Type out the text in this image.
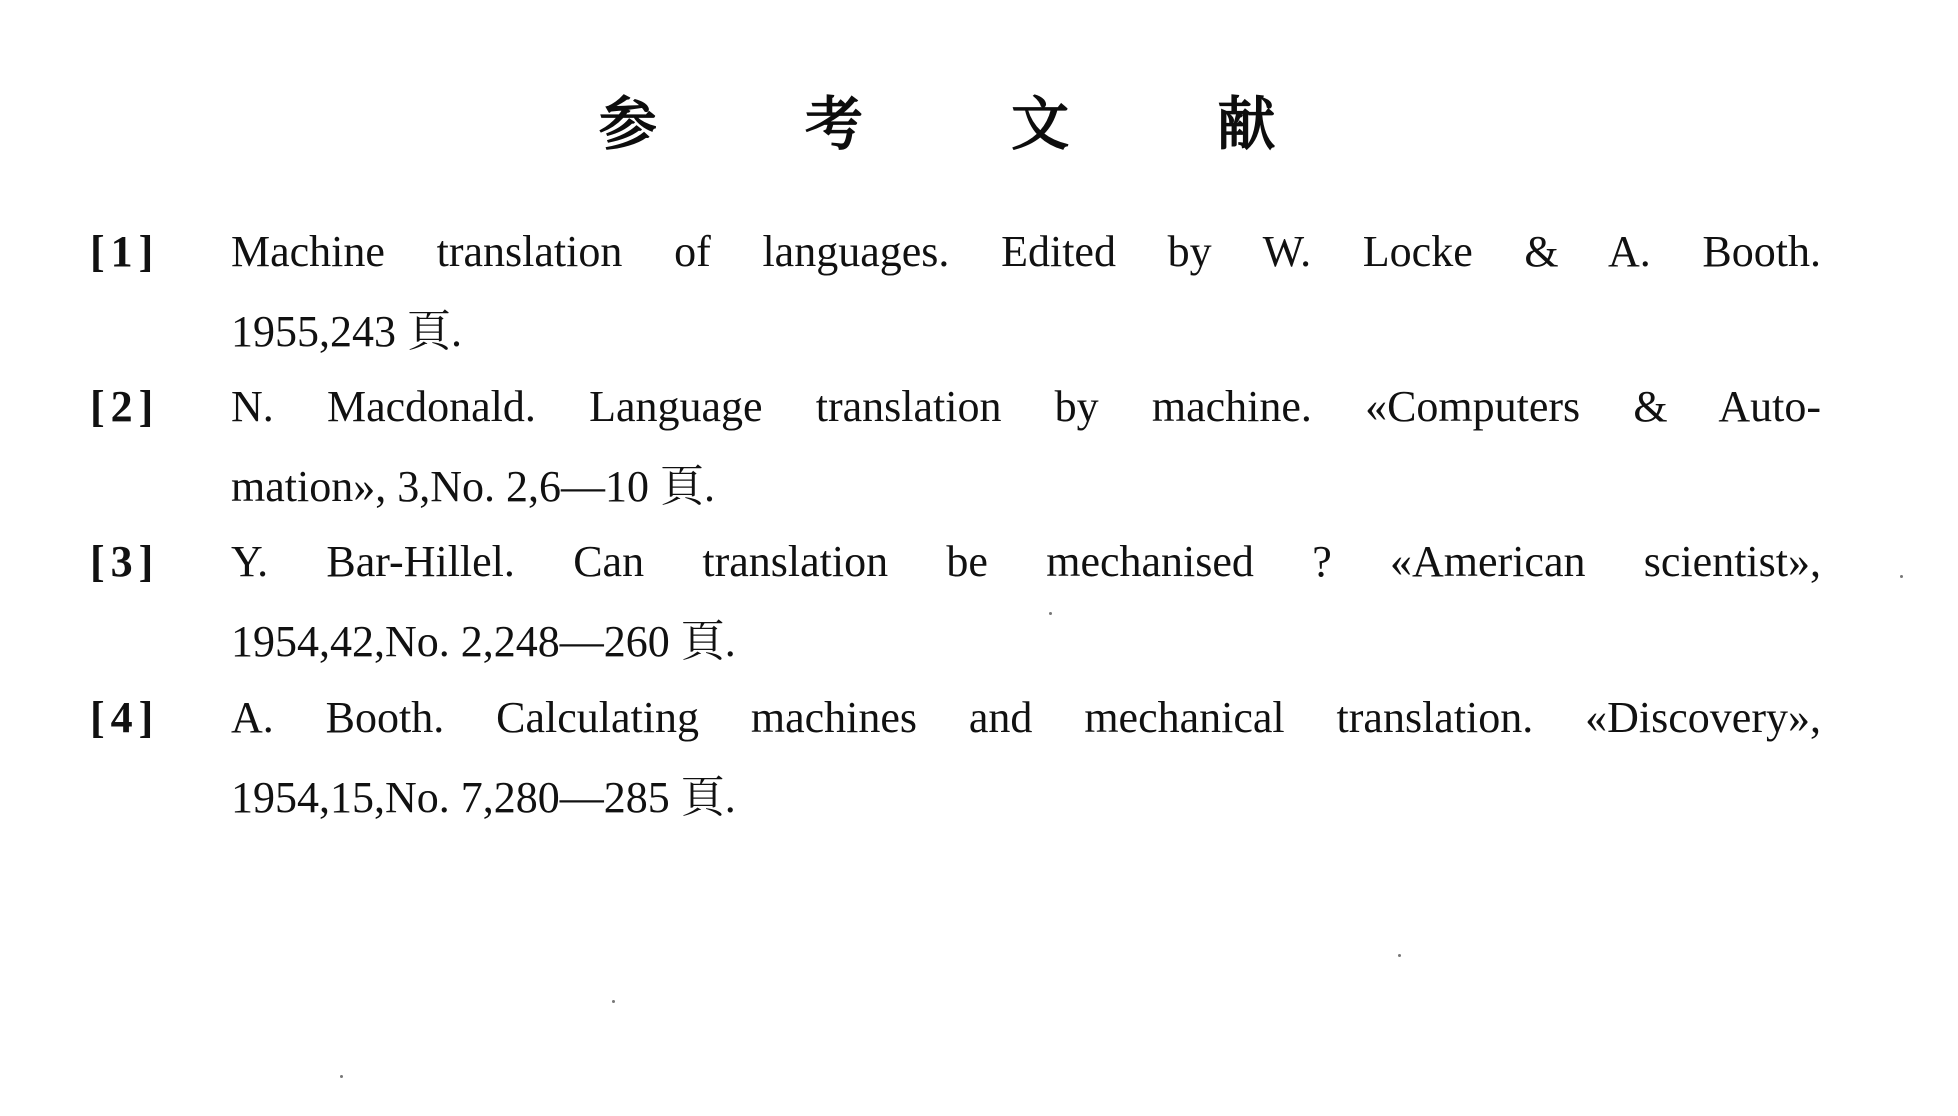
参 考 文 献
[1]	Machine translation of languages. Edited by W. Locke & A. Booth.
1955,243 頁.
[2]	N. Macdonald. Language translation by machine. «Computers & Auto-
mation», 3,No. 2,6—10 頁.
[3]	Y. Bar-Hillel. Can translation be mechanised ? «American scientist»,
1954,42,No. 2,248—260 頁.
[4]	A. Booth. Calculating machines and mechanical translation. «Discovery»,
1954,15,No. 7,280—285 頁.
